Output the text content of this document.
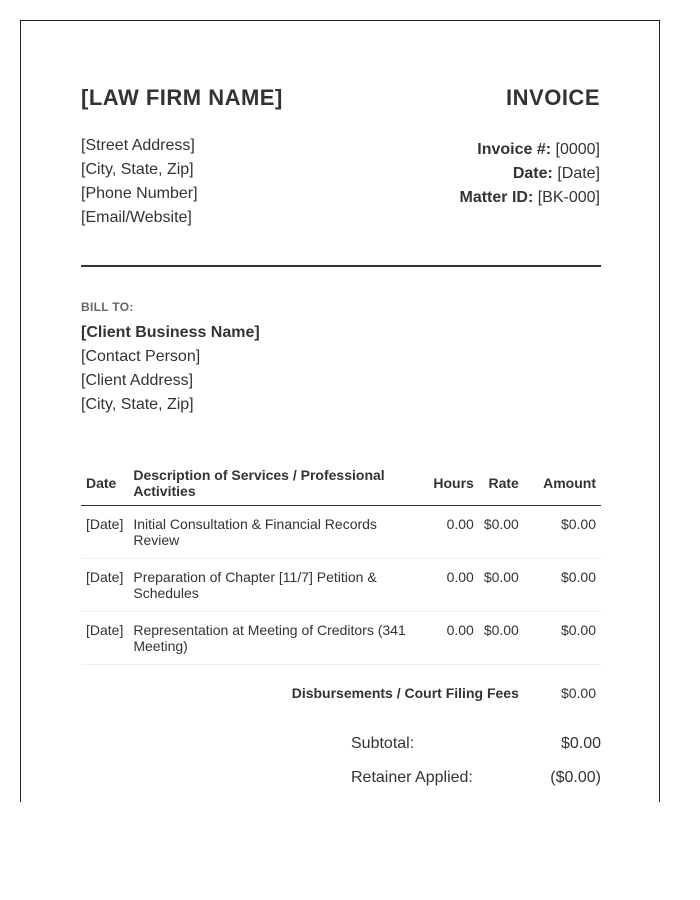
[LAW FIRM NAME]	INVOICE
[Street Address]
[City, State, Zip]
[Phone Number]
[Email/Website]
Invoice #: [0000]
Date: [Date]
Matter ID: [BK-000]
BILL TO:
[Client Business Name]
[Contact Person]
[Client Address]
[City, State, Zip]
Date	Description of Services / Professional Activities	Hours	Rate	Amount
[Date]	Initial Consultation & Financial Records Review	0.00	$0.00	$0.00
[Date]	Preparation of Chapter [11/7] Petition & Schedules	0.00	$0.00	$0.00
[Date]	Representation at Meeting of Creditors (341 Meeting)	0.00	$0.00	$0.00
Disbursements / Court Filing Fees				$0.00
Subtotal:	$0.00
Retainer Applied:	($0.00)
